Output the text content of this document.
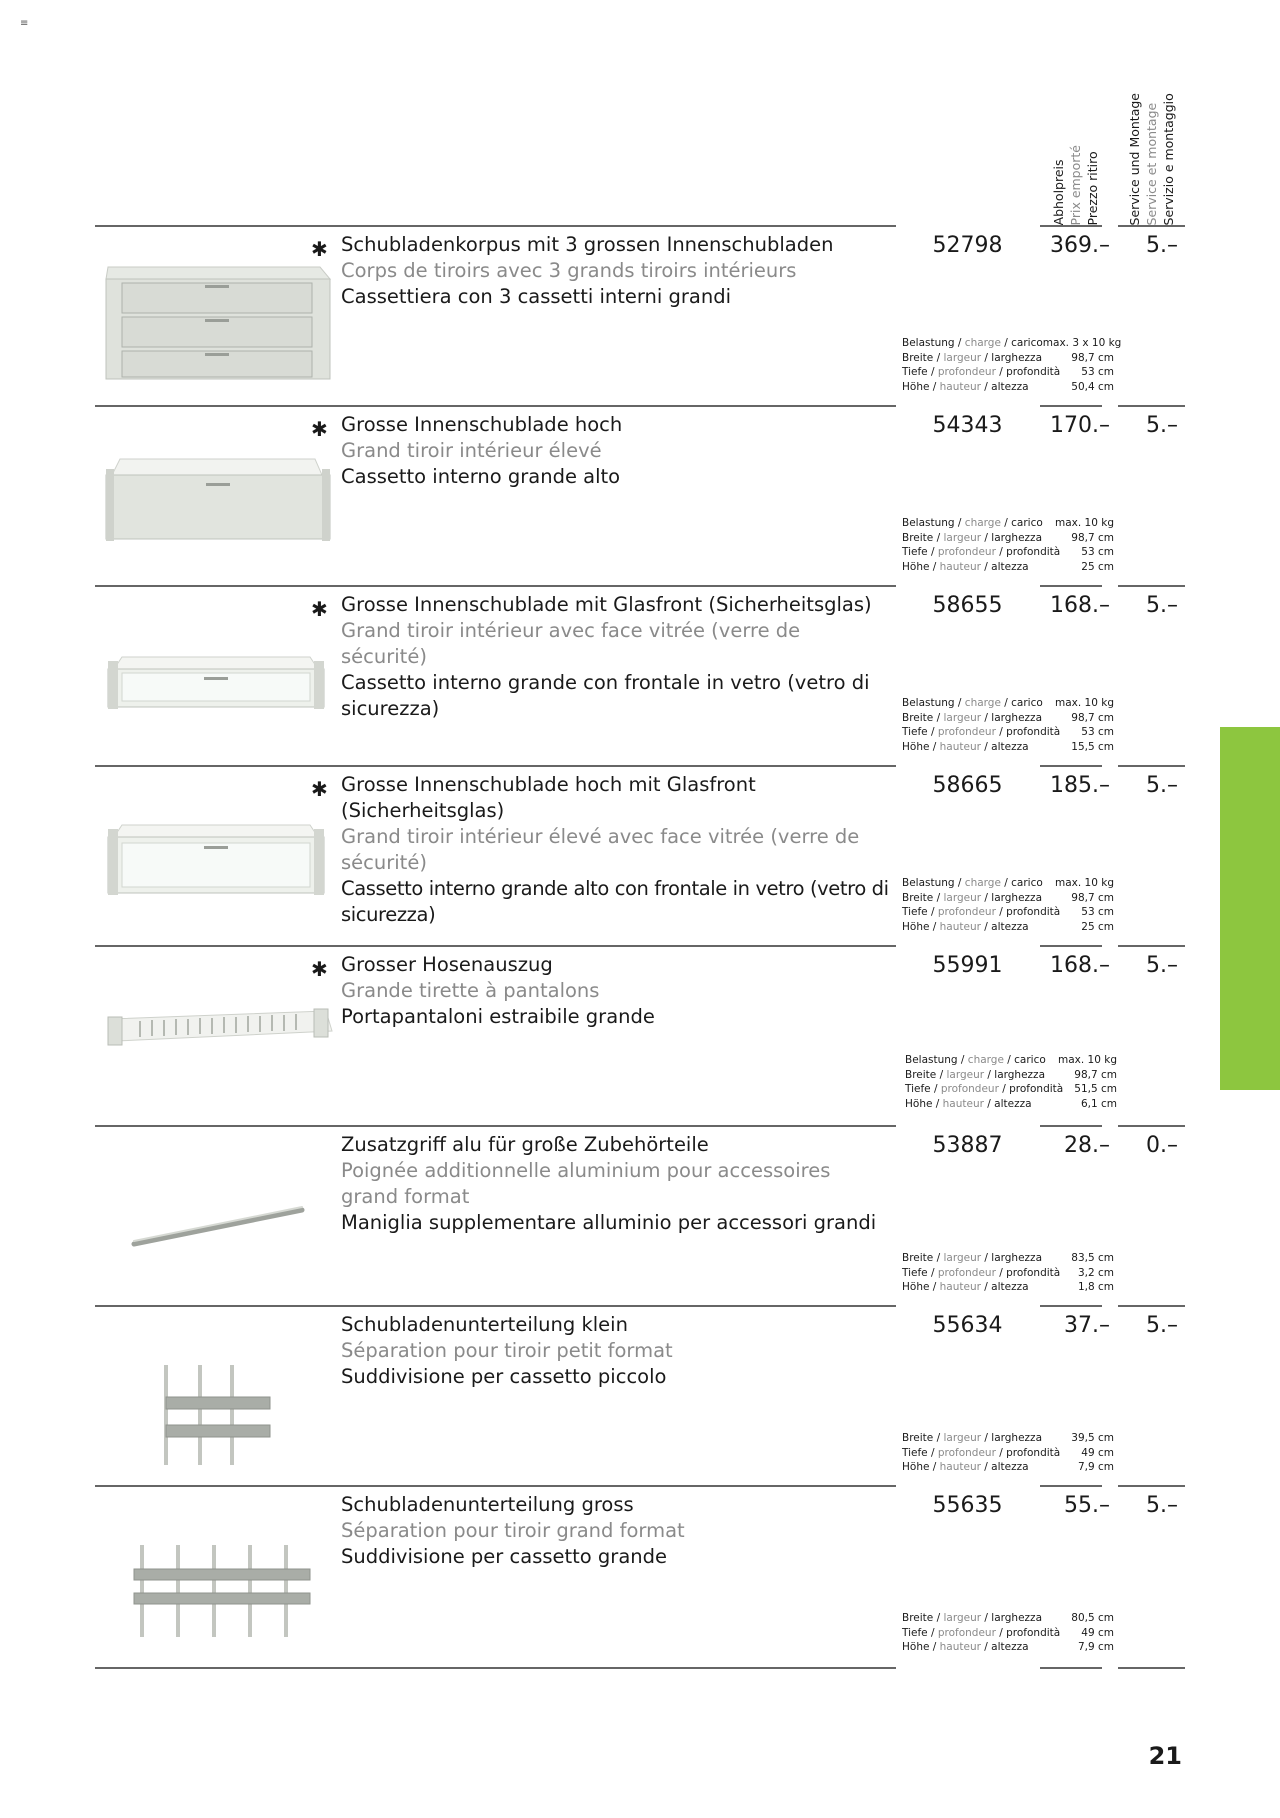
≡
Abholpreis Prix emporté Prezzo ritiro Service und Montage Service et montage Servizio e montaggio
✱ Schubladenkorpus mit 3 grossen Innenschubladen
Corps de tiroirs avec 3 grands tiroirs intérieurs
Cassettiera con 3 cassetti interni grandi
52798	369.–	5.–
Belastung / charge / carico max. 3 x 10 kg
Breite / largeur / larghezza	98,7 cm
Tiefe / profondeur / profondità 53 cm
Höhe / hauteur / altezza	50,4 cm
✱ Grosse Innenschublade hoch
Grand tiroir intérieur élevé
Cassetto interno grande alto
54343	170.–	5.–
Belastung / charge / carico max. 10 kg
Breite / largeur / larghezza	98,7 cm
Tiefe / profondeur / profondità 53 cm
Höhe / hauteur / altezza	25 cm
✱ Grosse Innenschublade mit Glasfront (Sicherheitsglas)
Grand tiroir intérieur avec face vitrée (verre de sécurité)
Cassetto interno grande con frontale in vetro (vetro di sicurezza)
58655	168.–	5.–
Belastung / charge / carico max. 10 kg
Breite / largeur / larghezza	98,7 cm
Tiefe / profondeur / profondità 53 cm
Höhe / hauteur / altezza	15,5 cm
✱ Grosse Innenschublade hoch mit Glasfront (Sicherheitsglas)
Grand tiroir intérieur élevé avec face vitrée (verre de sécurité)
Cassetto interno grande alto con frontale in vetro (vetro di sicurezza)
58665	185.–	5.–
Belastung / charge / carico max. 10 kg
Breite / largeur / larghezza	98,7 cm
Tiefe / profondeur / profondità 53 cm
Höhe / hauteur / altezza	25 cm
✱ Grosser Hosenauszug
Grande tirette à pantalons
Portapantaloni estraibile grande
55991	168.–	5.–
Belastung / charge / carico max. 10 kg
Breite / largeur / larghezza	98,7 cm
Tiefe / profondeur / profondità 51,5 cm
Höhe / hauteur / altezza	6,1 cm
Zusatzgriff alu für große Zubehörteile
Poignée additionnelle aluminium pour accessoires grand format
Maniglia supplementare alluminio per accessori grandi
53887	28.–	0.–
Breite / largeur / larghezza	83,5 cm
Tiefe / profondeur / profondità 3,2 cm
Höhe / hauteur / altezza	1,8 cm
Schubladenunterteilung klein
Séparation pour tiroir petit format
Suddivisione per cassetto piccolo
55634	37.–	5.–
Breite / largeur / larghezza	39,5 cm
Tiefe / profondeur / profondità 49 cm
Höhe / hauteur / altezza	7,9 cm
Schubladenunterteilung gross
Séparation pour tiroir grand format
Suddivisione per cassetto grande
55635	55.–	5.–
Breite / largeur / larghezza	80,5 cm
Tiefe / profondeur / profondità 49 cm
Höhe / hauteur / altezza	7,9 cm
21
